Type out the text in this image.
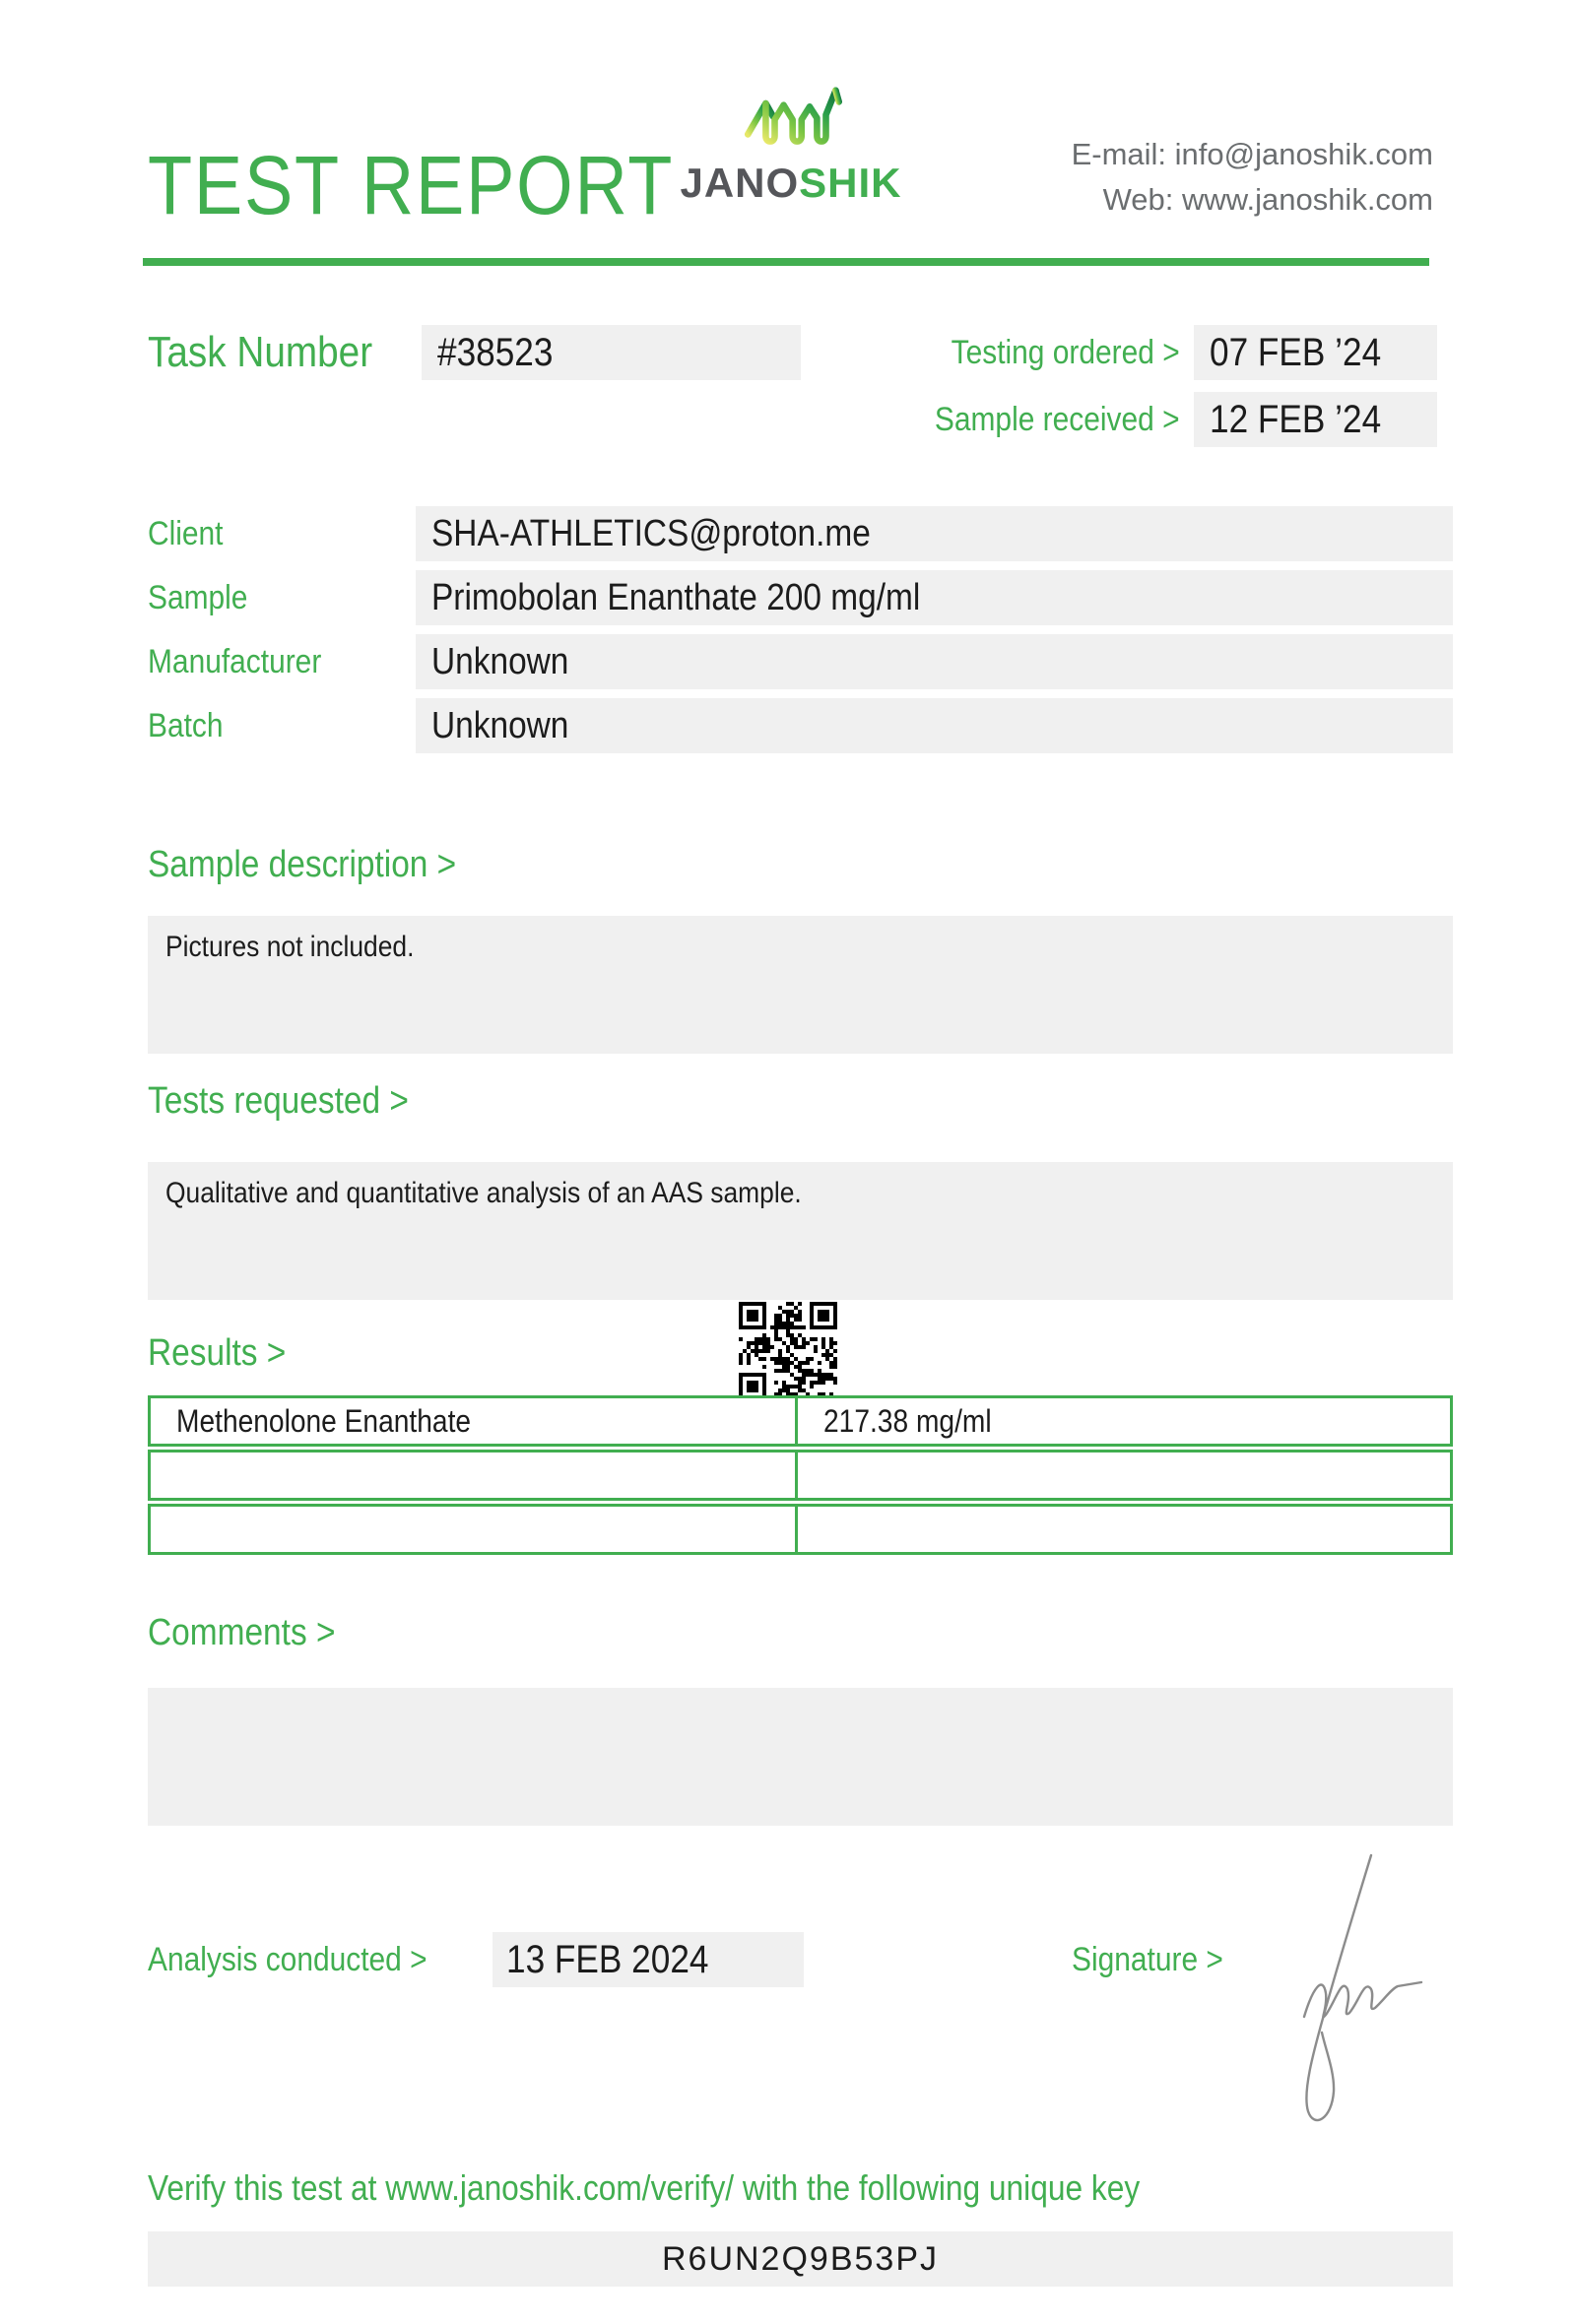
TEST REPORT JANOSHIK
E-mail: info@janoshik.com
Web: www.janoshik.com
Task Number	#38523	Testing ordered > 07 FEB ’24
Sample received > 12 FEB ’24
Client	SHA-ATHLETICS@proton.me
Sample	Primobolan Enanthate 200 mg/ml
Manufacturer	Unknown
Batch	Unknown
Sample description >
Pictures not included.
Tests requested >
Qualitative and quantitative analysis of an AAS sample.
Results >
Methenolone Enanthate	217.38 mg/ml
Comments >
Analysis conducted >	13 FEB 2024	Signature >
Verify this test at www.janoshik.com/verify/ with the following unique key
R6UN2Q9B53PJ
